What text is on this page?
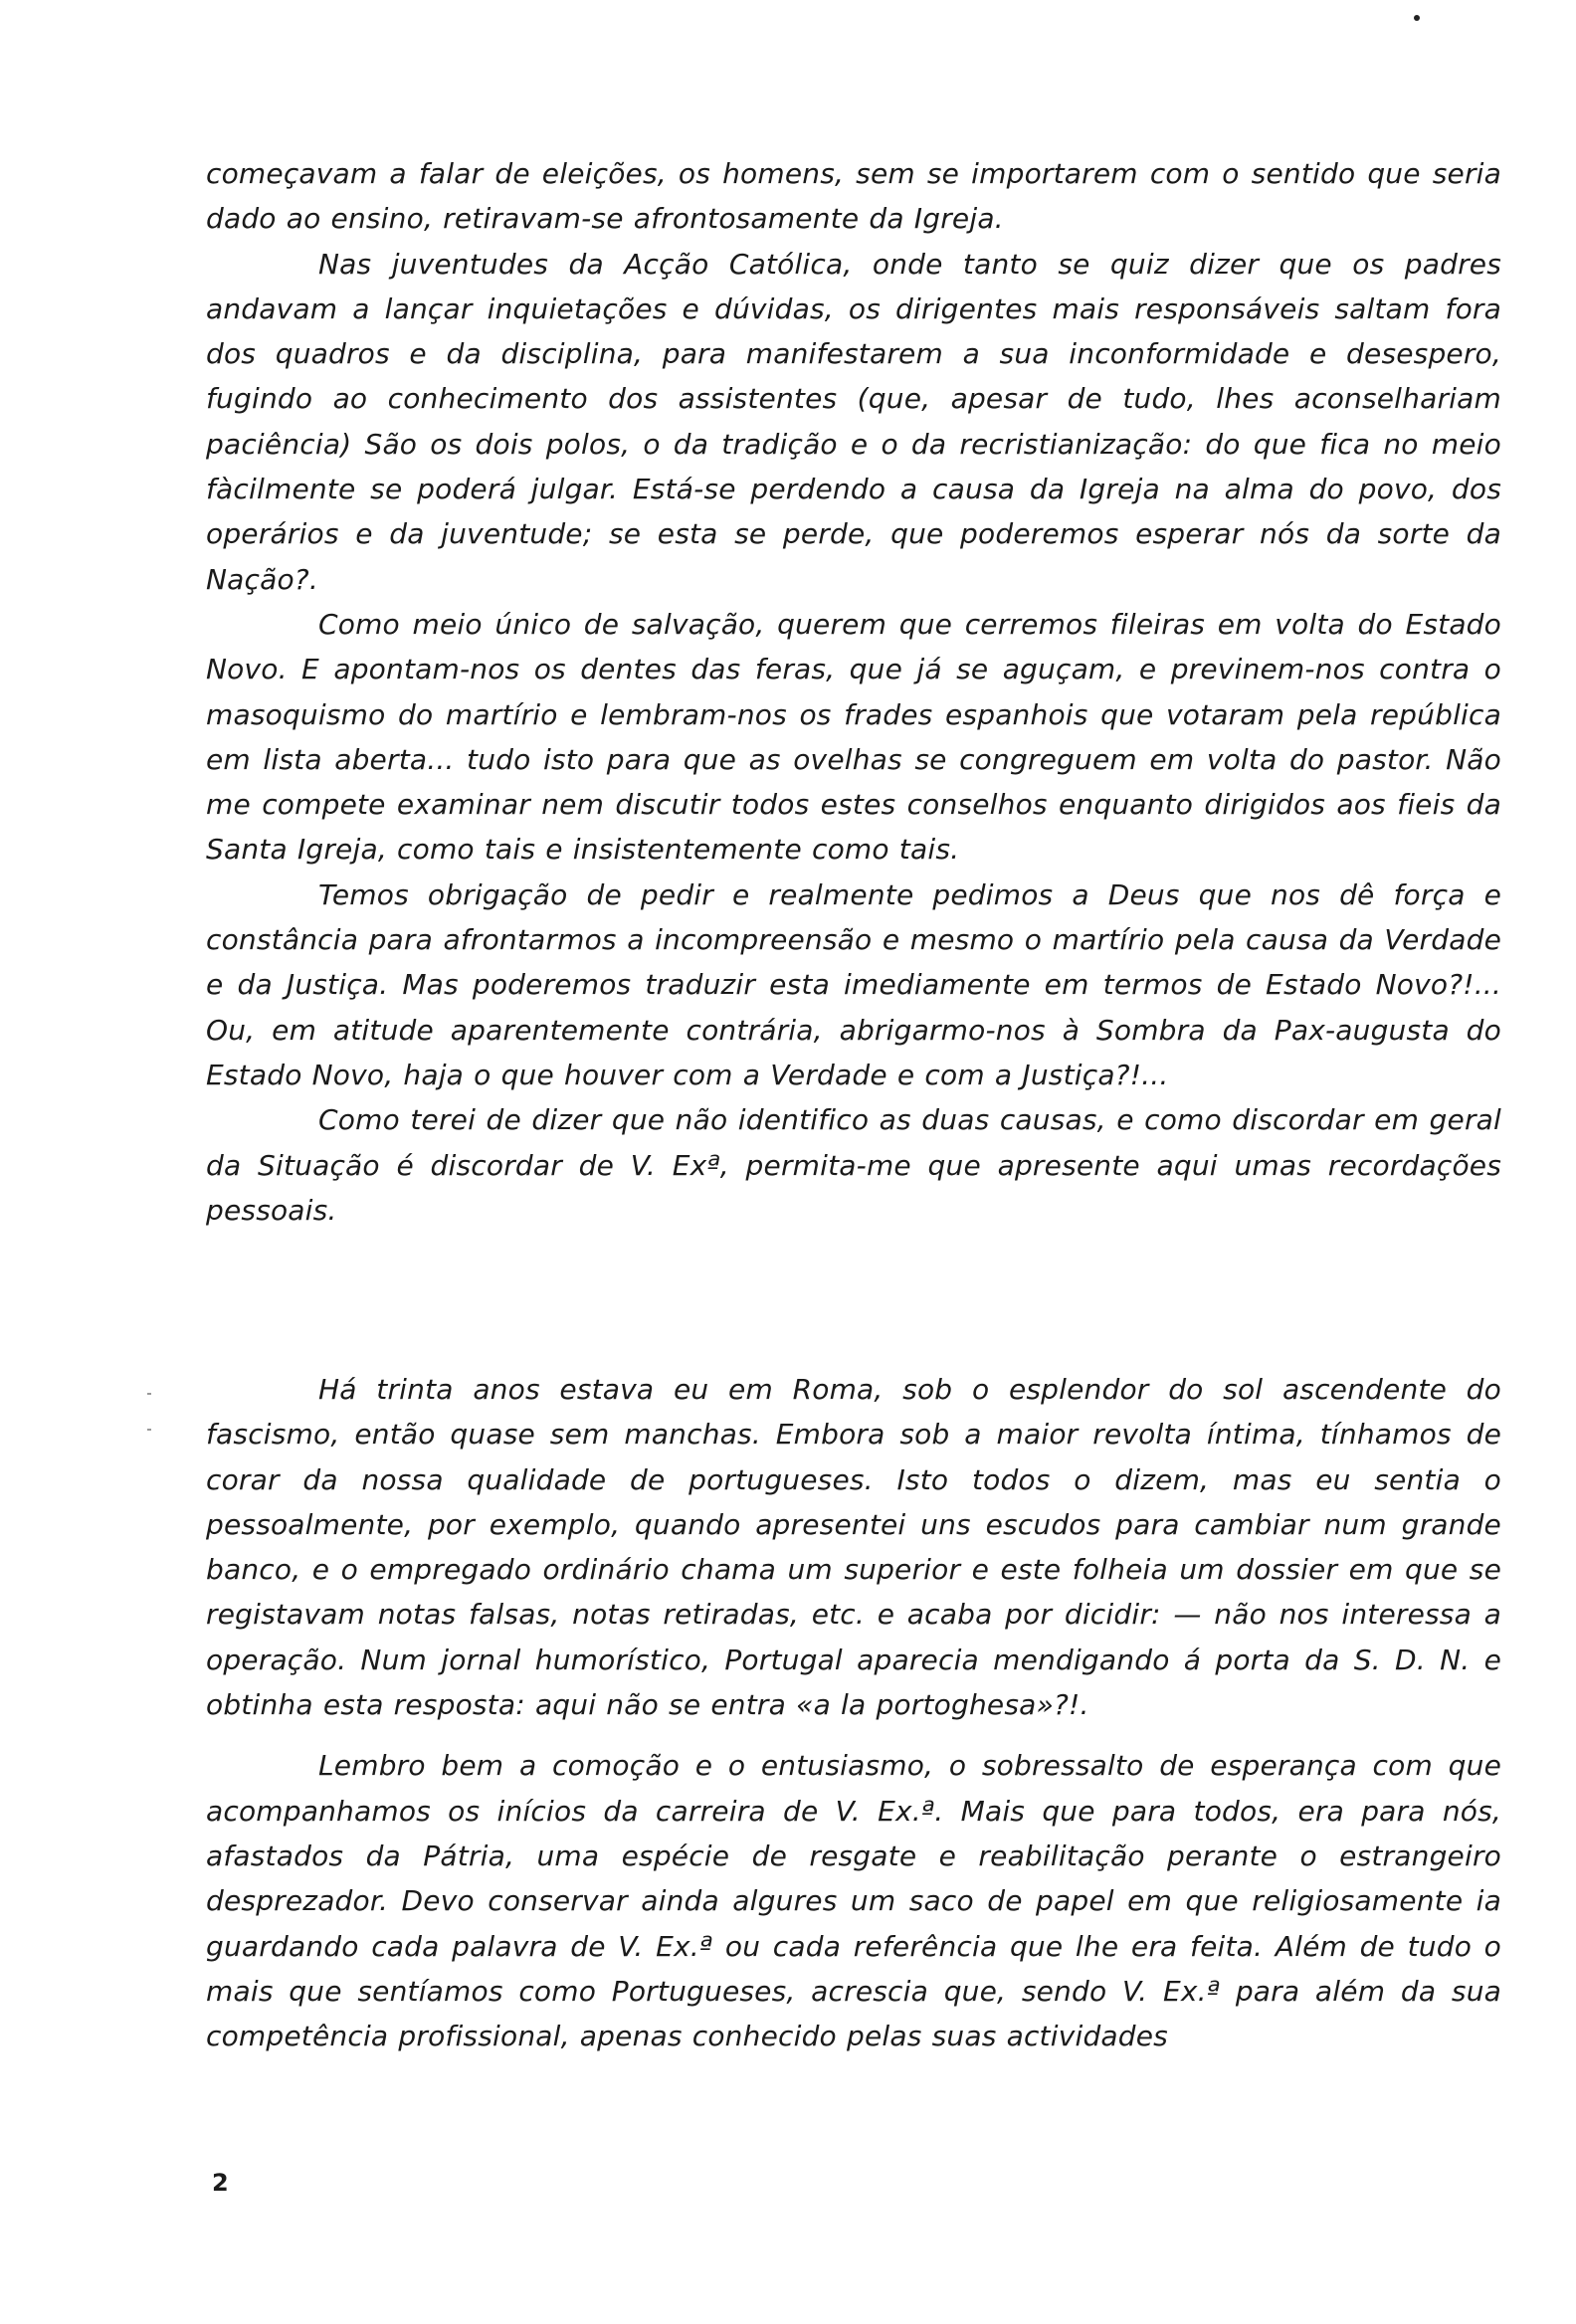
começavam a falar de eleições, os homens, sem se importarem com o sentido que seria dado ao ensino, retiravam-se afrontosamente da Igreja.

Nas juventudes da Acção Católica, onde tanto se quiz dizer que os padres andavam a lançar inquietações e dúvidas, os dirigentes mais responsáveis saltam fora dos quadros e da disciplina, para manifestarem a sua inconformidade e desespero, fugindo ao conhecimento dos assistentes (que, apesar de tudo, lhes aconselhariam paciência) São os dois polos, o da tradição e o da recristianização: do que fica no meio fàcilmente se poderá julgar. Está-se perdendo a causa da Igreja na alma do povo, dos operários e da juventude; se esta se perde, que poderemos esperar nós da sorte da Nação?.

Como meio único de salvação, querem que cerremos fileiras em volta do Estado Novo. E apontam-nos os dentes das feras, que já se aguçam, e previnem-nos contra o masoquismo do martírio e lembram-nos os frades espanhois que votaram pela república em lista aberta... tudo isto para que as ovelhas se congreguem em volta do pastor. Não me compete examinar nem discutir todos estes conselhos enquanto dirigidos aos fieis da Santa Igreja, como tais e insistentemente como tais.

Temos obrigação de pedir e realmente pedimos a Deus que nos dê força e constância para afrontarmos a incompreensão e mesmo o martírio pela causa da Verdade e da Justiça. Mas poderemos traduzir esta imediamente em termos de Estado Novo?!... Ou, em atitude aparentemente contrária, abrigarmo-nos à Sombra da Pax-augusta do Estado Novo, haja o que houver com a Verdade e com a Justiça?!...

Como terei de dizer que não identifico as duas causas, e como discordar em geral da Situação é discordar de V. Exª, permita-me que apresente aqui umas recordações pessoais.

Há trinta anos estava eu em Roma, sob o esplendor do sol ascendente do fascismo, então quase sem manchas. Embora sob a maior revolta íntima, tínhamos de corar da nossa qualidade de portugueses. Isto todos o dizem, mas eu sentia o pessoalmente, por exemplo, quando apresentei uns escudos para cambiar num grande banco, e o empregado ordinário chama um superior e este folheia um dossier em que se registavam notas falsas, notas retiradas, etc. e acaba por dicidir: — não nos interessa a operação. Num jornal humorístico, Portugal aparecia mendigando á porta da S. D. N. e obtinha esta resposta: aqui não se entra «a la portoghesa»?!.

Lembro bem a comoção e o entusiasmo, o sobressalto de esperança com que acompanhamos os inícios da carreira de V. Ex.ª. Mais que para todos, era para nós, afastados da Pátria, uma espécie de resgate e reabilitação perante o estrangeiro desprezador. Devo conservar ainda algures um saco de papel em que religiosamente ia guardando cada palavra de V. Ex.ª ou cada referência que lhe era feita. Além de tudo o mais que sentíamos como Portugueses, acrescia que, sendo V. Ex.ª para além da sua competência profissional, apenas conhecido pelas suas actividades

2
